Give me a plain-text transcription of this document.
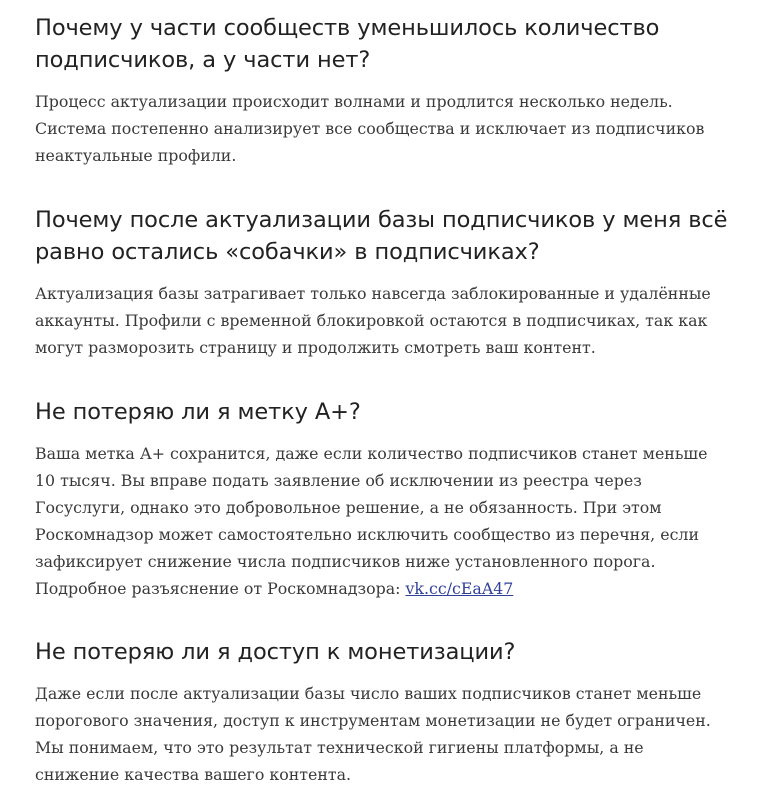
Почему у части сообществ уменьшилось количество
подписчиков, а у части нет?

Процесс актуализации происходит волнами и продлится несколько недель.
Система постепенно анализирует все сообщества и исключает из подписчиков
неактуальные профили.

Почему после актуализации базы подписчиков у меня всё
равно остались «собачки» в подписчиках?

Актуализация базы затрагивает только навсегда заблокированные и удалённые
аккаунты. Профили с временной блокировкой остаются в подписчиках, так как
могут разморозить страницу и продолжить смотреть ваш контент.

Не потеряю ли я метку А+?

Ваша метка А+ сохранится, даже если количество подписчиков станет меньше
10 тысяч. Вы вправе подать заявление об исключении из реестра через
Госуслуги, однако это добровольное решение, а не обязанность. При этом
Роскомнадзор может самостоятельно исключить сообщество из перечня, если
зафиксирует снижение числа подписчиков ниже установленного порога.
Подробное разъяснение от Роскомнадзора: vk.cc/cEaA47

Не потеряю ли я доступ к монетизации?

Даже если после актуализации базы число ваших подписчиков станет меньше
порогового значения, доступ к инструментам монетизации не будет ограничен.
Мы понимаем, что это результат технической гигиены платформы, а не
снижение качества вашего контента.
